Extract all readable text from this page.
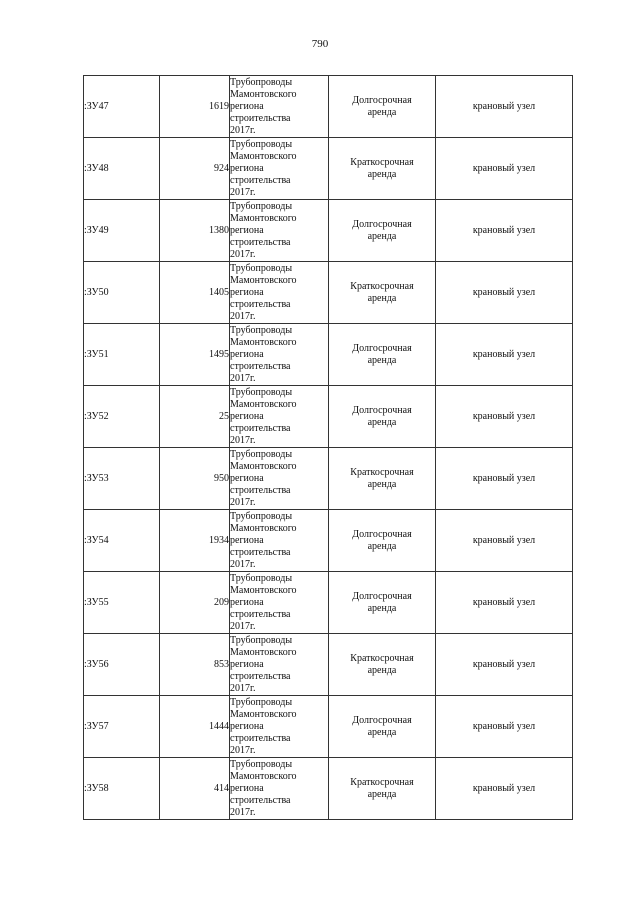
790
:ЗУ47	1619	Трубопроводы
Мамонтовского
региона
строительства
2017г.	Долгосрочная
аренда	крановый узел
:ЗУ48	924	Трубопроводы
Мамонтовского
региона
строительства
2017г.	Краткосрочная
аренда	крановый узел
:ЗУ49	1380	Трубопроводы
Мамонтовского
региона
строительства
2017г.	Долгосрочная
аренда	крановый узел
:ЗУ50	1405	Трубопроводы
Мамонтовского
региона
строительства
2017г.	Краткосрочная
аренда	крановый узел
:ЗУ51	1495	Трубопроводы
Мамонтовского
региона
строительства
2017г.	Долгосрочная
аренда	крановый узел
:ЗУ52	25	Трубопроводы
Мамонтовского
региона
строительства
2017г.	Долгосрочная
аренда	крановый узел
:ЗУ53	950	Трубопроводы
Мамонтовского
региона
строительства
2017г.	Краткосрочная
аренда	крановый узел
:ЗУ54	1934	Трубопроводы
Мамонтовского
региона
строительства
2017г.	Долгосрочная
аренда	крановый узел
:ЗУ55	209	Трубопроводы
Мамонтовского
региона
строительства
2017г.	Долгосрочная
аренда	крановый узел
:ЗУ56	853	Трубопроводы
Мамонтовского
региона
строительства
2017г.	Краткосрочная
аренда	крановый узел
:ЗУ57	1444	Трубопроводы
Мамонтовского
региона
строительства
2017г.	Долгосрочная
аренда	крановый узел
:ЗУ58	414	Трубопроводы
Мамонтовского
региона
строительства
2017г.	Краткосрочная
аренда	крановый узел
